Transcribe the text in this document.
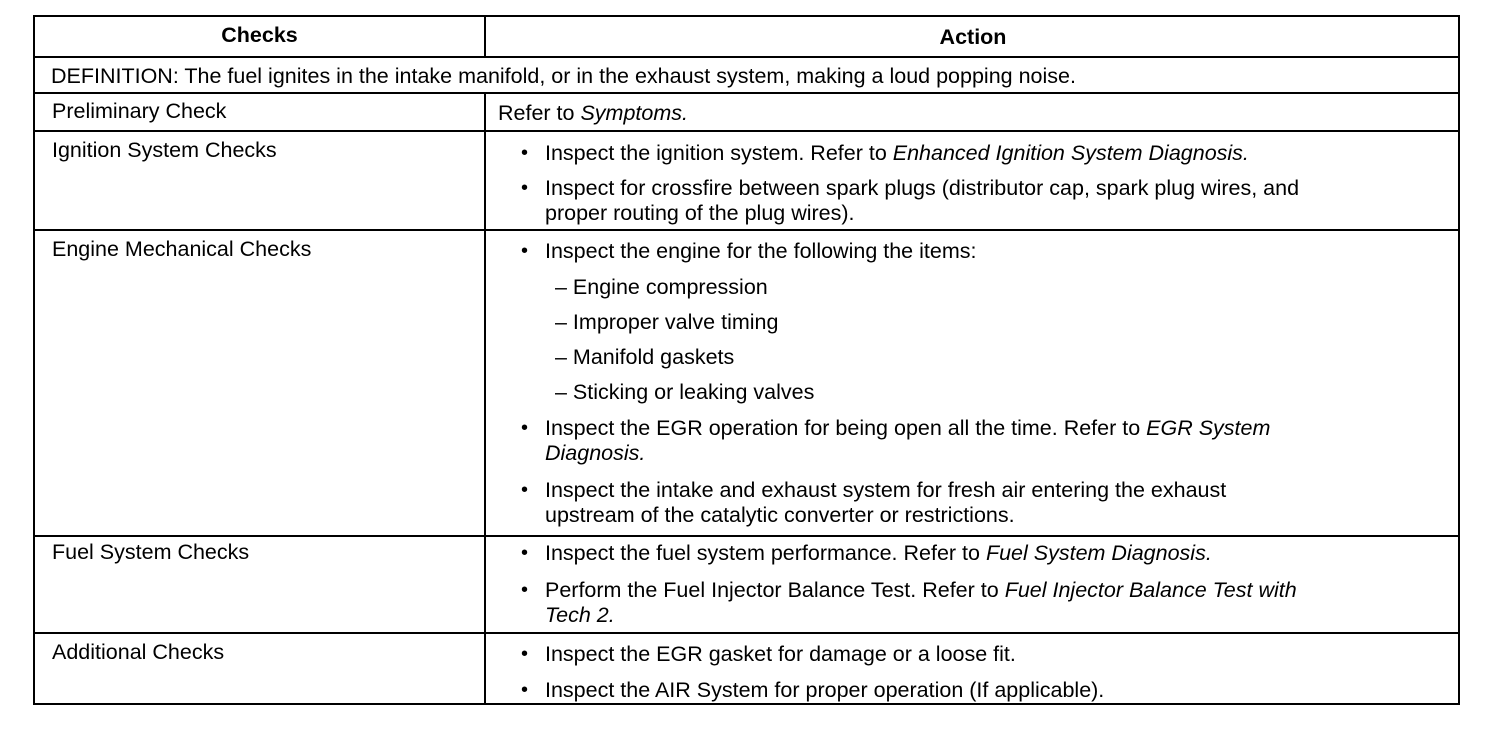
Checks	Action
DEFINITION: The fuel ignites in the intake manifold, or in the exhaust system, making a loud popping noise.
Preliminary Check	Refer to Symptoms.
Ignition System Checks	• Inspect the ignition system. Refer to Enhanced Ignition System Diagnosis.
• Inspect for crossfire between spark plugs (distributor cap, spark plug wires, and
proper routing of the plug wires).
Engine Mechanical Checks	• Inspect the engine for the following the items:
– Engine compression
– Improper valve timing
– Manifold gaskets
– Sticking or leaking valves
• Inspect the EGR operation for being open all the time. Refer to EGR System
Diagnosis.
• Inspect the intake and exhaust system for fresh air entering the exhaust
upstream of the catalytic converter or restrictions.
Fuel System Checks	• Inspect the fuel system performance. Refer to Fuel System Diagnosis.
• Perform the Fuel Injector Balance Test. Refer to Fuel Injector Balance Test with
Tech 2.
Additional Checks	• Inspect the EGR gasket for damage or a loose fit.
• Inspect the AIR System for proper operation (If applicable).
